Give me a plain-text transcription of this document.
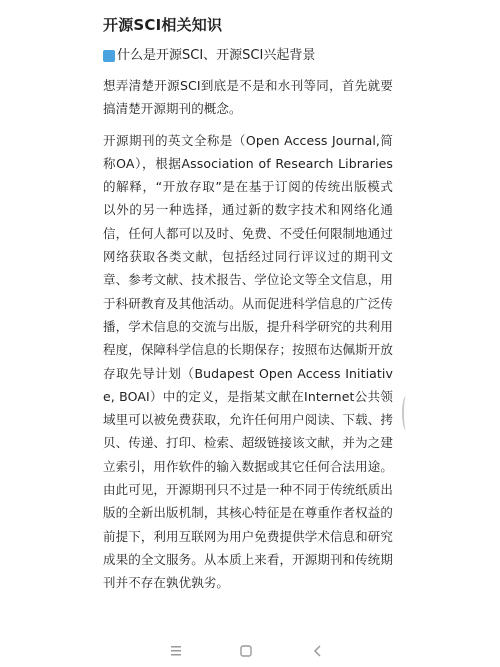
开源SCI相关知识
什么是开源SCI、开源SCI兴起背景

想弄清楚开源SCI到底是不是和水刊等同，首先就要搞清楚开源期刊的概念。

开源期刊的英文全称是（Open Access Journal,简称OA），根据Association of Research Libraries的解释，“开放存取”是在基于订阅的传统出版模式以外的另一种选择，通过新的数字技术和网络化通信，任何人都可以及时、免费、不受任何限制地通过网络获取各类文献，包括经过同行评议过的期刊文章、参考文献、技术报告、学位论文等全文信息，用于科研教育及其他活动。从而促进科学信息的广泛传播，学术信息的交流与出版，提升科学研究的共利用程度，保障科学信息的长期保存；按照布达佩斯开放存取先导计划（Budapest Open Access Initiative, BOAI）中的定义，是指某文献在Internet公共领域里可以被免费获取，允许任何用户阅读、下载、拷贝、传递、打印、检索、超级链接该文献，并为之建立索引，用作软件的输入数据或其它任何合法用途。由此可见，开源期刊只不过是一种不同于传统纸质出版的全新出版机制，其核心特征是在尊重作者权益的前提下，利用互联网为用户免费提供学术信息和研究成果的全文服务。从本质上来看，开源期刊和传统期刊并不存在孰优孰劣。
